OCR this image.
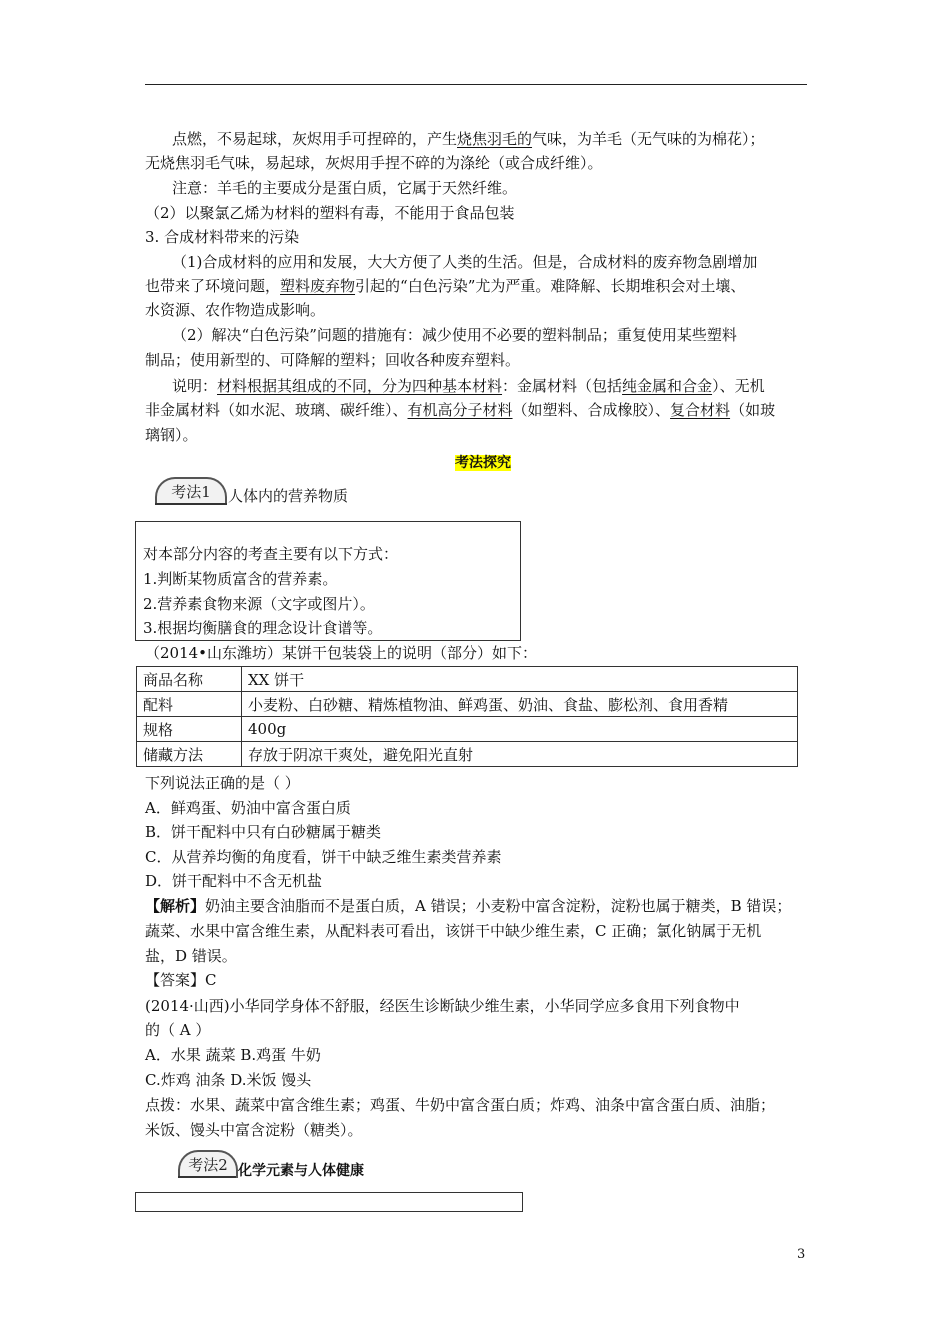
点燃，不易起球，灰烬用手可捏碎的，产生烧焦羽毛的气味，为羊毛（无气味的为棉花）；
无烧焦羽毛气味，易起球，灰烬用手捏不碎的为涤纶（或合成纤维）。
注意：羊毛的主要成分是蛋白质，它属于天然纤维。
（2）以聚氯乙烯为材料的塑料有毒，不能用于食品包装
3. 合成材料带来的污染
（1)合成材料的应用和发展，大大方便了人类的生活。但是，合成材料的废弃物急剧增加
也带来了环境问题，塑料废弃物引起的“白色污染”尤为严重。难降解、长期堆积会对土壤、
水资源、农作物造成影响。
（2）解决“白色污染”问题的措施有：减少使用不必要的塑料制品；重复使用某些塑料
制品；使用新型的、可降解的塑料；回收各种废弃塑料。
说明：材料根据其组成的不同，分为四种基本材料：金属材料（包括纯金属和合金）、无机
非金属材料（如水泥、玻璃、碳纤维）、有机高分子材料（如塑料、合成橡胶）、复合材料（如玻
璃钢）。
考法探究
考法1	人体内的营养物质
对本部分内容的考查主要有以下方式：
1.判断某物质富含的营养素。
2.营养素食物来源（文字或图片）。
3.根据均衡膳食的理念设计食谱等。
（2014•山东潍坊）某饼干包装袋上的说明（部分）如下：
商品名称	XX 饼干
配料	小麦粉、白砂糖、精炼植物油、鲜鸡蛋、奶油、食盐、膨松剂、食用香精
规格	400g
储藏方法	存放于阴凉干爽处，避免阳光直射
下列说法正确的是（ ）
A．鲜鸡蛋、奶油中富含蛋白质
B．饼干配料中只有白砂糖属于糖类
C．从营养均衡的角度看，饼干中缺乏维生素类营养素
D．饼干配料中不含无机盐
【解析】奶油主要含油脂而不是蛋白质，A 错误；小麦粉中富含淀粉，淀粉也属于糖类，B 错误；
蔬菜、水果中富含维生素，从配料表可看出，该饼干中缺少维生素，C 正确；氯化钠属于无机
盐，D 错误。
【答案】C
(2014·山西)小华同学身体不舒服，经医生诊断缺少维生素，小华同学应多食用下列食物中
的（ A ）
A．水果 蔬菜 B.鸡蛋 牛奶
C.炸鸡 油条 D.米饭 馒头
点拨：水果、蔬菜中富含维生素；鸡蛋、牛奶中富含蛋白质；炸鸡、油条中富含蛋白质、油脂；
米饭、馒头中富含淀粉（糖类）。
考法2 化学元素与人体健康
3
